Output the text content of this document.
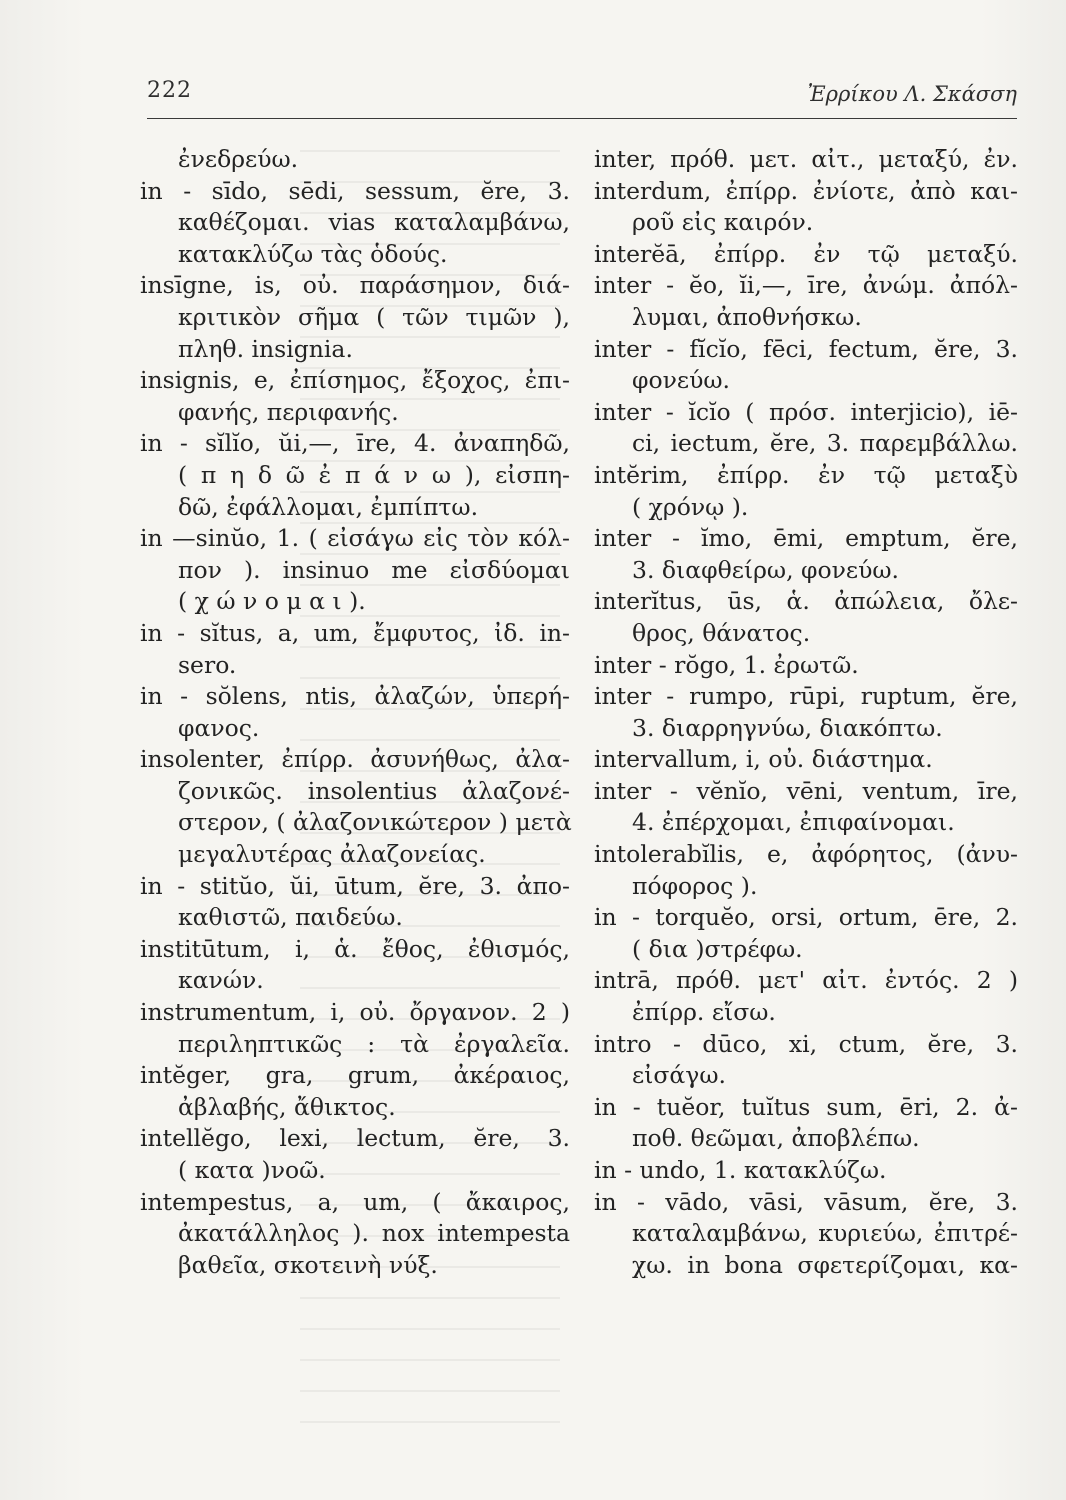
222	Ἐρρίκου Λ. Σκάσση
ἐνεδρεύω.
in - sīdo, sēdi, sessum, ĕre, 3.
καθέζομαι. vias καταλαμβάνω,
κατακλύζω τὰς ὁδούς.
insīgne, is, οὐ. παράσημον, διά-
κριτικὸν σῆμα ( τῶν τιμῶν ),
πληθ. insignia.
insignis, e, ἐπίσημος, ἔξοχος, ἐπι-
φανής, περιφανής.
in - sĭlĭo, ŭi,—, īre, 4. ἀναπηδῶ,
( π η δ ῶ ἐ π ά ν ω ), εἰσπη-
δῶ, ἐφάλλομαι, ἐμπίπτω.
in —sinŭo, 1. ( εἰσάγω εἰς τὸν κόλ-
πον ). insinuo me εἰσδύομαι
( χ ώ ν ο μ α ι ).
in - sĭtus, a, um, ἔμφυτος, ἰδ. in-
sero.
in - sŏlens, ntis, ἀλαζών, ὑπερή-
φανος.
insolenter, ἐπίρρ. ἀσυνήθως, ἀλα-
ζονικῶς. insolentius ἀλαζονέ-
στερον, ( ἀλαζονικώτερον ) μετὰ
μεγαλυτέρας ἀλαζονείας.
in - stitŭo, ŭi, ūtum, ĕre, 3. ἀπο-
καθιστῶ, παιδεύω.
institūtum, i, ἁ. ἔθος, ἐθισμός,
κανών.
instrumentum, i, οὐ. ὄργανον. 2 )
περιληπτικῶς : τὰ ἐργαλεῖα.
intĕger, gra, grum, ἀκέραιος,
ἀβλαβής, ἄθικτος.
intellĕgo, lexi, lectum, ĕre, 3.
( κατα )νοῶ.
intempestus, a, um, ( ἄκαιρος,
ἀκατάλληλος ). nox intempesta
βαθεῖα, σκοτεινὴ νύξ.
inter, πρόθ. μετ. αἰτ., μεταξύ, ἐν.
interdum, ἐπίρρ. ἐνίοτε, ἀπὸ και-
ροῦ εἰς καιρόν.
interĕā, ἐπίρρ. ἐν τῷ μεταξύ.
inter - ĕo, ĭi,—, īre, ἀνώμ. ἀπόλ-
λυμαι, ἀποθνήσκω.
inter - fĭcĭo, fēci, fectum, ĕre, 3.
φονεύω.
inter - ĭcĭo ( πρόσ. interjicio), iē-
ci, iectum, ĕre, 3. παρεμβάλλω.
intĕrim, ἐπίρρ. ἐν τῷ μεταξὺ
( χρόνῳ ).
inter - ĭmo, ēmi, emptum, ĕre,
3. διαφθείρω, φονεύω.
interĭtus, ūs, ἁ. ἀπώλεια, ὄλε-
θρος, θάνατος.
inter - rŏgo, 1. ἐρωτῶ.
inter - rumpo, rūpi, ruptum, ĕre,
3. διαρρηγνύω, διακόπτω.
intervallum, i, οὐ. διάστημα.
inter - vĕnĭo, vēni, ventum, īre,
4. ἐπέρχομαι, ἐπιφαίνομαι.
intolerabĭlis, e, ἀφόρητος, (ἀνυ-
πόφορος ).
in - torquĕo, orsi, ortum, ēre, 2.
( δια )στρέφω.
intrā, πρόθ. μετ' αἰτ. ἐντός. 2 )
ἐπίρρ. εἴσω.
intro - dūco, xi, ctum, ĕre, 3.
εἰσάγω.
in - tuĕor, tuĭtus sum, ēri, 2. ἀ-
ποθ. θεῶμαι, ἀποβλέπω.
in - undo, 1. κατακλύζω.
in - vādo, vāsi, vāsum, ĕre, 3.
καταλαμβάνω, κυριεύω, ἐπιτρέ-
χω. in bona σφετερίζομαι, κα-
